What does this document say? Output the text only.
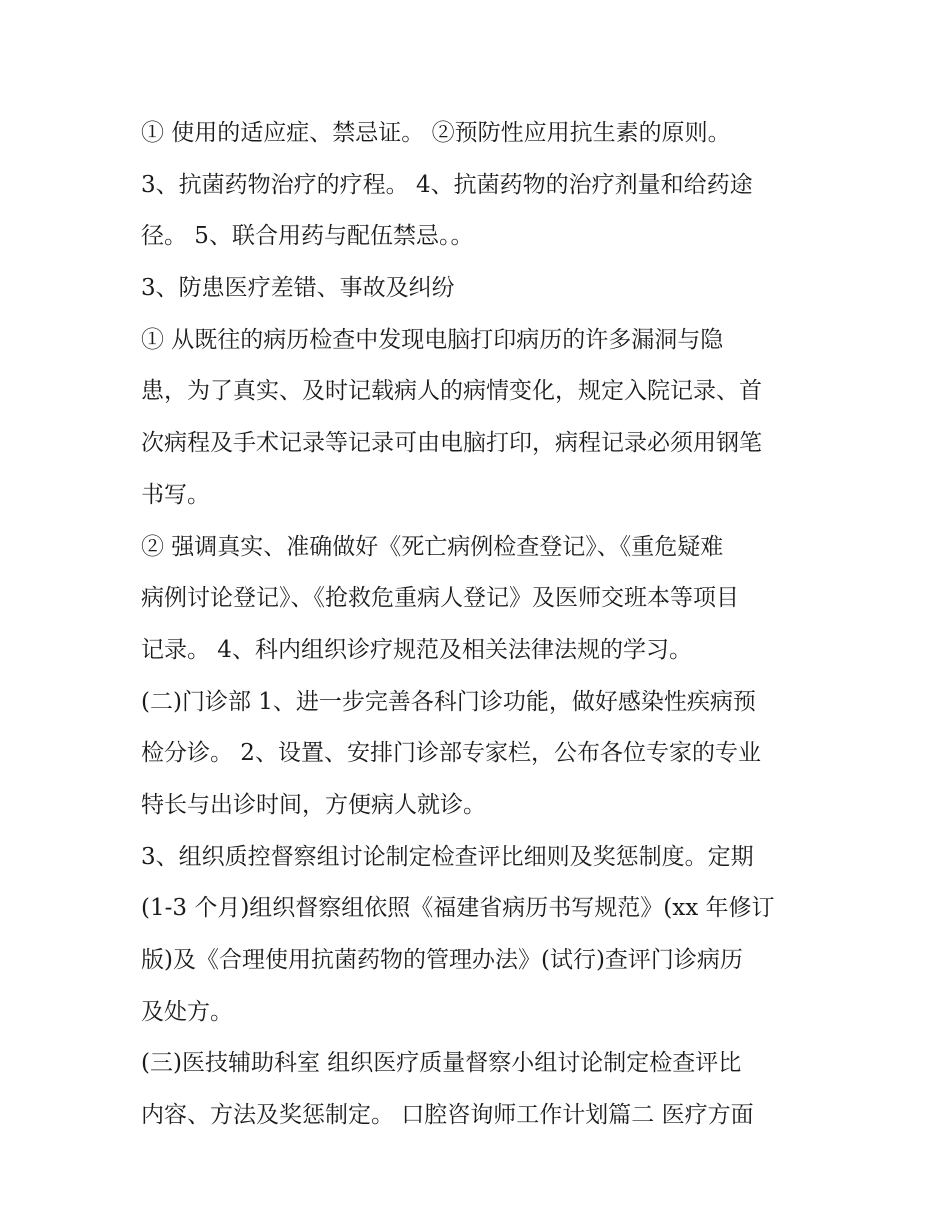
① 使用的适应症、禁忌证。 ②预防性应用抗生素的原则。
3、抗菌药物治疗的疗程。 4、抗菌药物的治疗剂量和给药途
径。 5、联合用药与配伍禁忌。。
3、防患医疗差错、事故及纠纷
① 从既往的病历检查中发现电脑打印病历的许多漏洞与隐
患，为了真实、及时记载病人的病情变化，规定入院记录、首
次病程及手术记录等记录可由电脑打印，病程记录必须用钢笔
书写。
② 强调真实、准确做好《死亡病例检查登记》、《重危疑难
病例讨论登记》、《抢救危重病人登记》及医师交班本等项目
记录。 4、科内组织诊疗规范及相关法律法规的学习。
(二)门诊部 1、进一步完善各科门诊功能，做好感染性疾病预
检分诊。 2、设置、安排门诊部专家栏，公布各位专家的专业
特长与出诊时间，方便病人就诊。
3、组织质控督察组讨论制定检查评比细则及奖惩制度。定期
(1-3 个月)组织督察组依照《福建省病历书写规范》(xx 年修订
版)及《合理使用抗菌药物的管理办法》(试行)查评门诊病历
及处方。
(三)医技辅助科室 组织医疗质量督察小组讨论制定检查评比
内容、方法及奖惩制定。 口腔咨询师工作计划篇二 医疗方面
